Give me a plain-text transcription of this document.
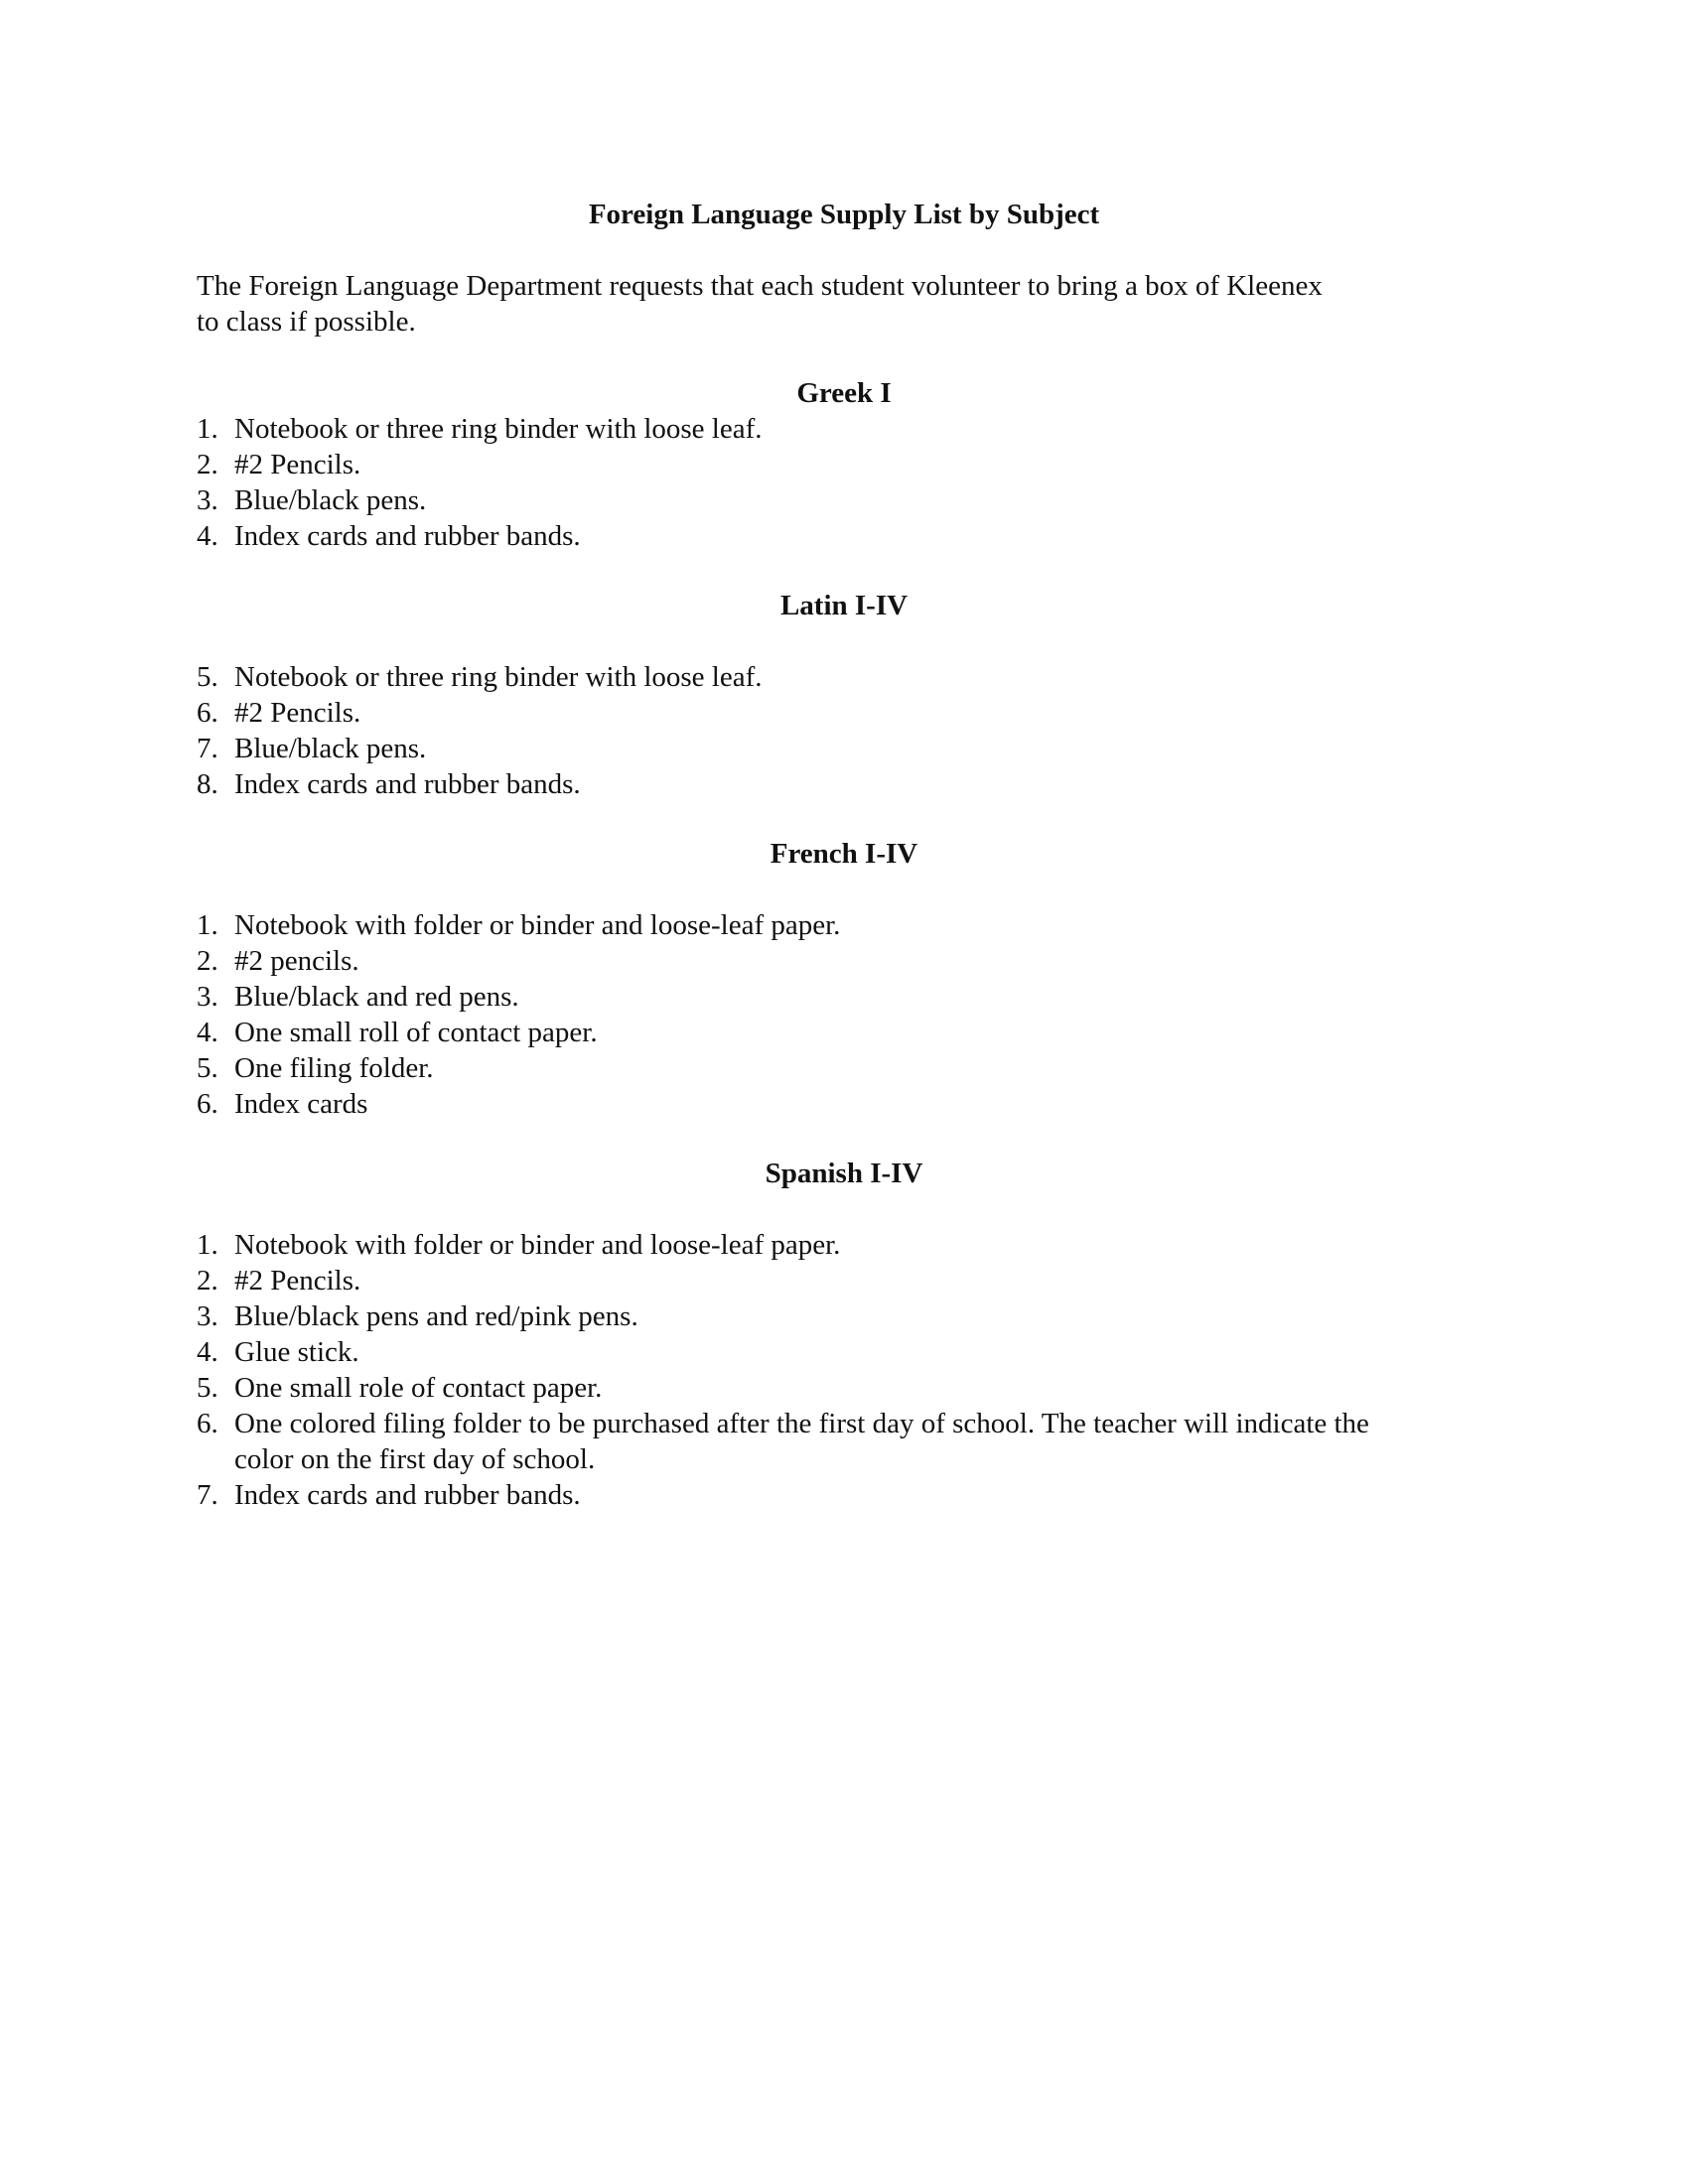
Foreign Language Supply List by Subject
The Foreign Language Department requests that each student volunteer to bring a box of Kleenex
to class if possible.
Greek I
1. Notebook or three ring binder with loose leaf.
2. #2 Pencils.
3. Blue/black pens.
4. Index cards and rubber bands.
Latin I-IV
5. Notebook or three ring binder with loose leaf.
6. #2 Pencils.
7. Blue/black pens.
8. Index cards and rubber bands.
French I-IV
1. Notebook with folder or binder and loose-leaf paper.
2. #2 pencils.
3. Blue/black and red pens.
4. One small roll of contact paper.
5. One filing folder.
6. Index cards
Spanish I-IV
1. Notebook with folder or binder and loose-leaf paper.
2. #2 Pencils.
3. Blue/black pens and red/pink pens.
4. Glue stick.
5. One small role of contact paper.
6. One colored filing folder to be purchased after the first day of school. The teacher will indicate the
color on the first day of school.
7. Index cards and rubber bands.
